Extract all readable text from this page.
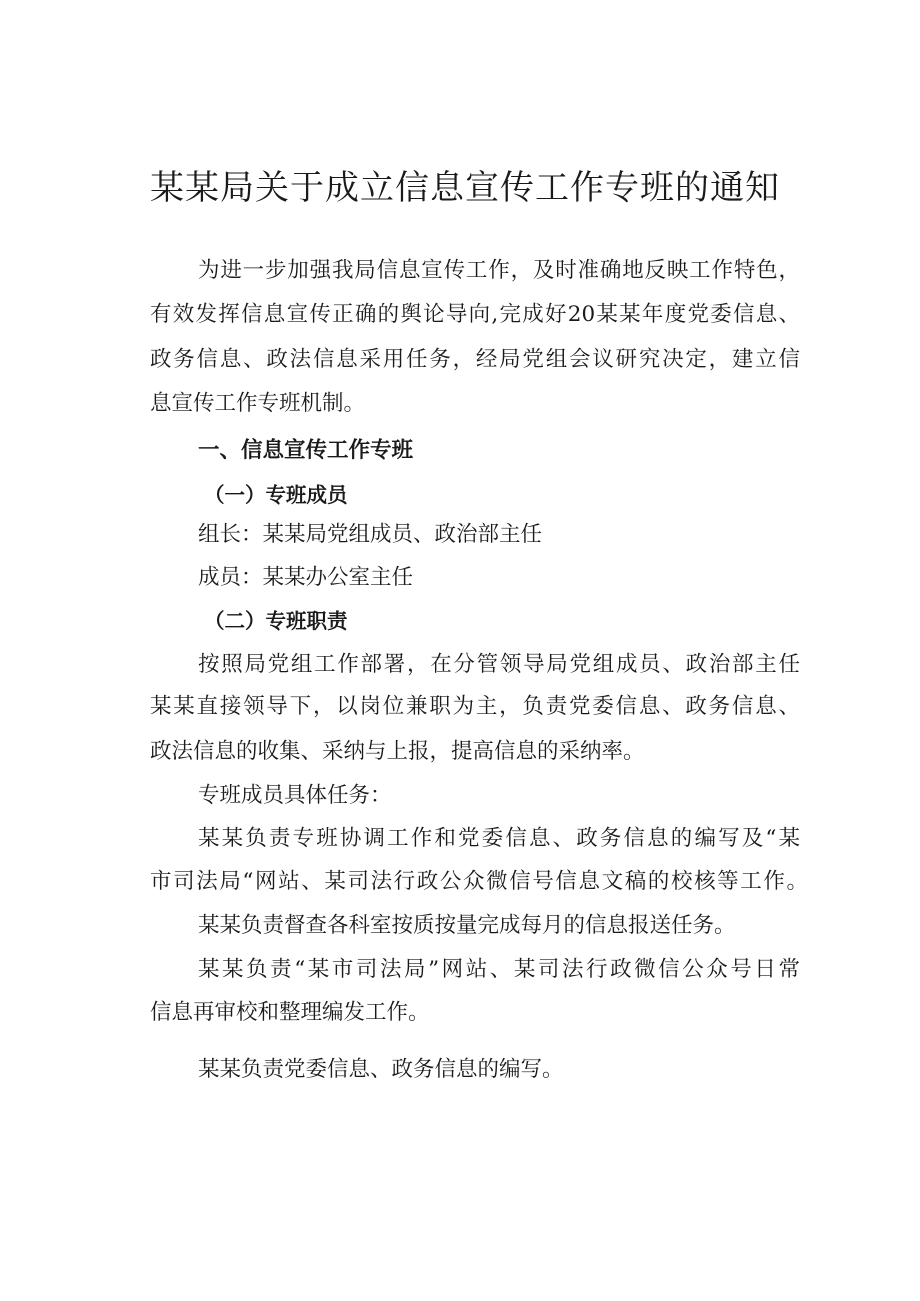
某某局关于成立信息宣传工作专班的通知
为进一步加强我局信息宣传工作，及时准确地反映工作特色，
有效发挥信息宣传正确的舆论导向,完成好20某某年度党委信息、
政务信息、政法信息采用任务，经局党组会议研究决定，建立信
息宣传工作专班机制。
一、信息宣传工作专班
（一）专班成员
组长：某某局党组成员、政治部主任
成员：某某办公室主任
（二）专班职责
按照局党组工作部署，在分管领导局党组成员、政治部主任
某某直接领导下，以岗位兼职为主，负责党委信息、政务信息、
政法信息的收集、采纳与上报，提高信息的采纳率。
专班成员具体任务：
某某负责专班协调工作和党委信息、政务信息的编写及“某
市司法局“网站、某司法行政公众微信号信息文稿的校核等工作。
某某负责督查各科室按质按量完成每月的信息报送任务。
某某负责“某市司法局”网站、某司法行政微信公众号日常
信息再审校和整理编发工作。
某某负责党委信息、政务信息的编写。
